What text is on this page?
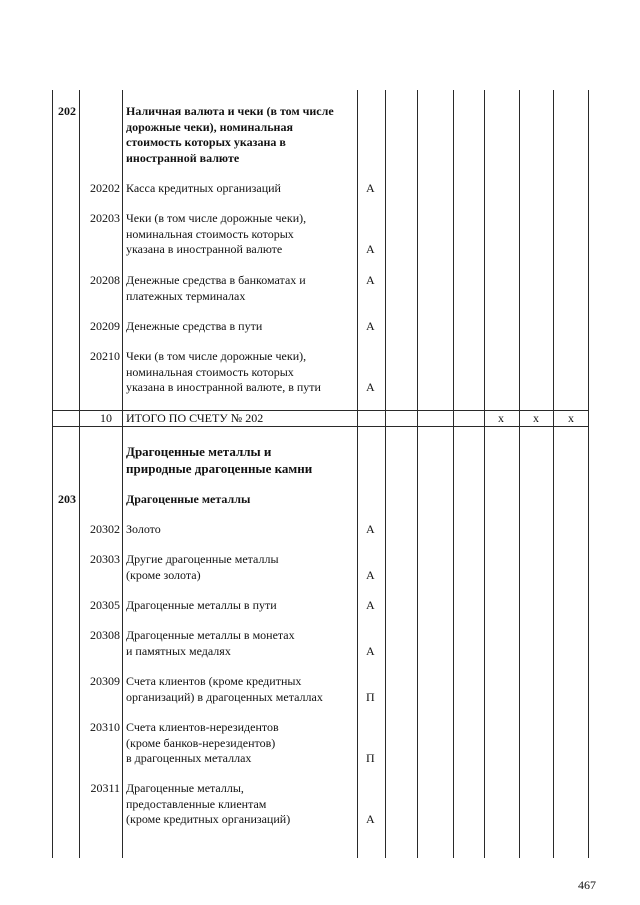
202	Наличная валюта и чеки (в том числе
дорожные чеки), номинальная
стоимость которых указана в
иностранной валюте
20202 Касса кредитных организаций	А
20203 Чеки (в том числе дорожные чеки),
номинальная стоимость которых
указана в иностранной валюте	А
20208 Денежные средства в банкоматах и
платежных терминалах
А
20209 Денежные средства в пути	А
20210 Чеки (в том числе дорожные чеки),
номинальная стоимость которых
указана в иностранной валюте, в пути	А
10 ИТОГО ПО СЧЕТУ № 202	x x x
Драгоценные металлы и
природные драгоценные камни
203	Драгоценные металлы
20302 Золото	А
20303 Другие драгоценные металлы
(кроме золота)	А
20305 Драгоценные металлы в пути	А
20308 Драгоценные металлы в монетах
и памятных медалях	А
20309 Счета клиентов (кроме кредитных
организаций) в драгоценных металлах	П
20310 Счета клиентов-нерезидентов
(кроме банков-нерезидентов)
в драгоценных металлах	П
20311 Драгоценные металлы,
предоставленные клиентам
(кроме кредитных организаций)	А
467
